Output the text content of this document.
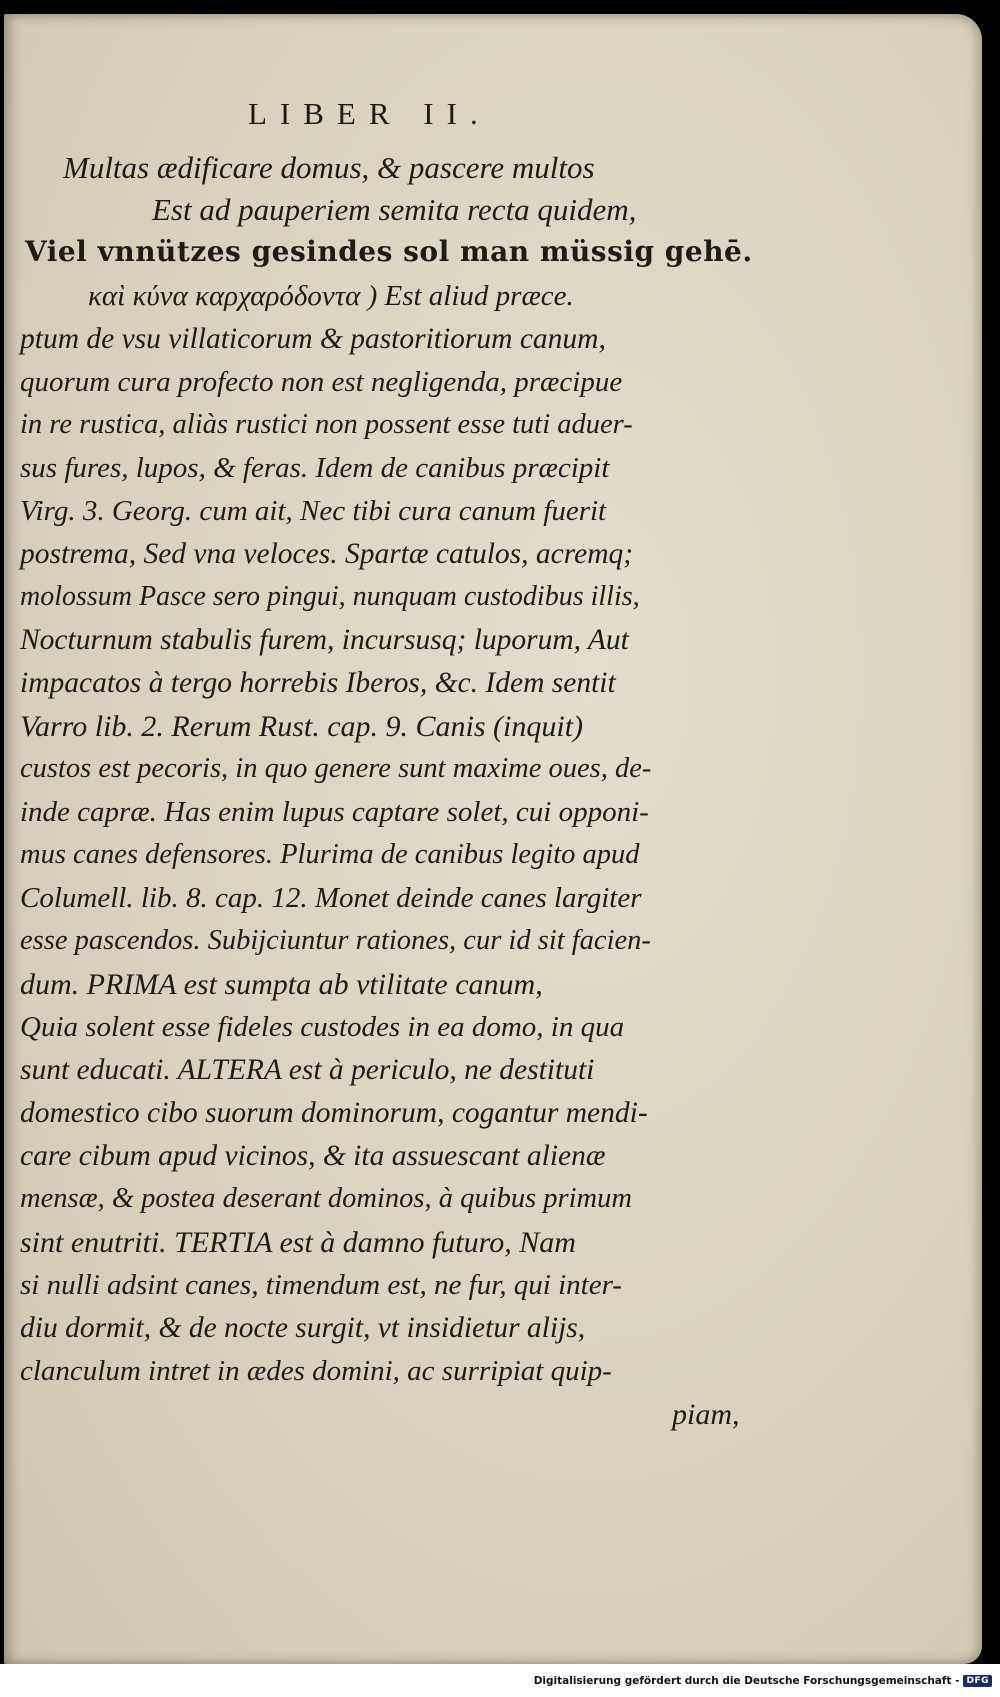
LIBER II.
Multas ædificare domus, & pascere multos
Est ad pauperiem semita recta quidem,
Viel vnnützes gesindes sol man müssig gehē.
καὶ κύνα καρχαρόδοντα ) Est aliud præce.
ptum de vsu villaticorum & pastoritiorum canum,
quorum cura profecto non est negligenda, præcipue
in re rustica, aliàs rustici non possent esse tuti aduer-
sus fures, lupos, & feras. Idem de canibus præcipit
Virg. 3. Georg. cum ait, Nec tibi cura canum fuerit
postrema, Sed vna veloces. Spartæ catulos, acremq;
molossum Pasce sero pingui, nunquam custodibus illis,
Nocturnum stabulis furem, incursusq; luporum, Aut
impacatos à tergo horrebis Iberos, &c. Idem sentit
Varro lib. 2. Rerum Rust. cap. 9. Canis (inquit)
custos est pecoris, in quo genere sunt maxime oues, de-
inde capræ. Has enim lupus captare solet, cui opponi-
mus canes defensores. Plurima de canibus legito apud
Columell. lib. 8. cap. 12. Monet deinde canes largiter
esse pascendos. Subijciuntur rationes, cur id sit facien-
dum. PRIMA est sumpta ab vtilitate canum,
Quia solent esse fideles custodes in ea domo, in qua
sunt educati. ALTERA est à periculo, ne destituti
domestico cibo suorum dominorum, cogantur mendi-
care cibum apud vicinos, & ita assuescant alienæ
mensæ, & postea deserant dominos, à quibus primum
sint enutriti. TERTIA est à damno futuro, Nam
si nulli adsint canes, timendum est, ne fur, qui inter-
diu dormit, & de nocte surgit, vt insidietur alijs,
clanculum intret in ædes domini, ac surripiat quip-
piam,
Digitalisierung gefördert durch die Deutsche Forschungsgemeinschaft - DFG
